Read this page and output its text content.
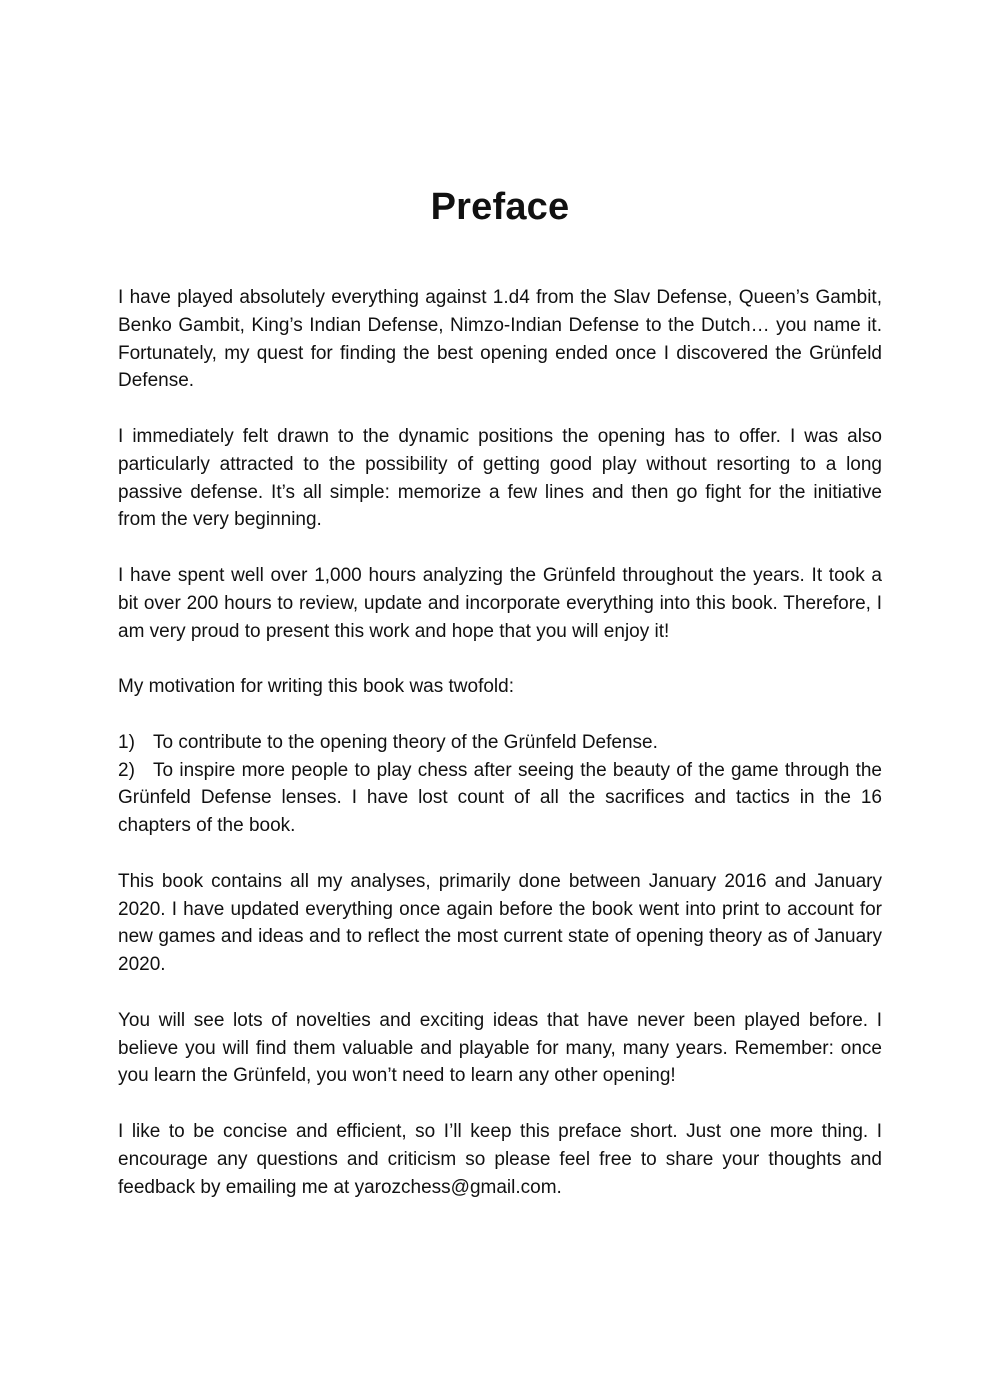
Preface

I have played absolutely everything against 1.d4 from the Slav Defense, Queen’s Gambit, Benko Gambit, King’s Indian Defense, Nimzo-Indian Defense to the Dutch… you name it. Fortunately, my quest for finding the best opening ended once I discovered the Grünfeld Defense.

I immediately felt drawn to the dynamic positions the opening has to offer. I was also particularly attracted to the possibility of getting good play without resorting to a long passive defense. It’s all simple: memorize a few lines and then go fight for the initiative from the very beginning.

I have spent well over 1,000 hours analyzing the Grünfeld throughout the years. It took a bit over 200 hours to review, update and incorporate everything into this book. Therefore, I am very proud to present this work and hope that you will enjoy it!

My motivation for writing this book was twofold:

1) To contribute to the opening theory of the Grünfeld Defense.
2) To inspire more people to play chess after seeing the beauty of the game through the Grünfeld Defense lenses. I have lost count of all the sacrifices and tactics in the 16 chapters of the book.

This book contains all my analyses, primarily done between January 2016 and January 2020. I have updated everything once again before the book went into print to account for new games and ideas and to reflect the most current state of opening theory as of January 2020.

You will see lots of novelties and exciting ideas that have never been played before. I believe you will find them valuable and playable for many, many years. Remember: once you learn the Grünfeld, you won’t need to learn any other opening!

I like to be concise and efficient, so I’ll keep this preface short. Just one more thing. I encourage any questions and criticism so please feel free to share your thoughts and feedback by emailing me at yarozchess@gmail.com.
